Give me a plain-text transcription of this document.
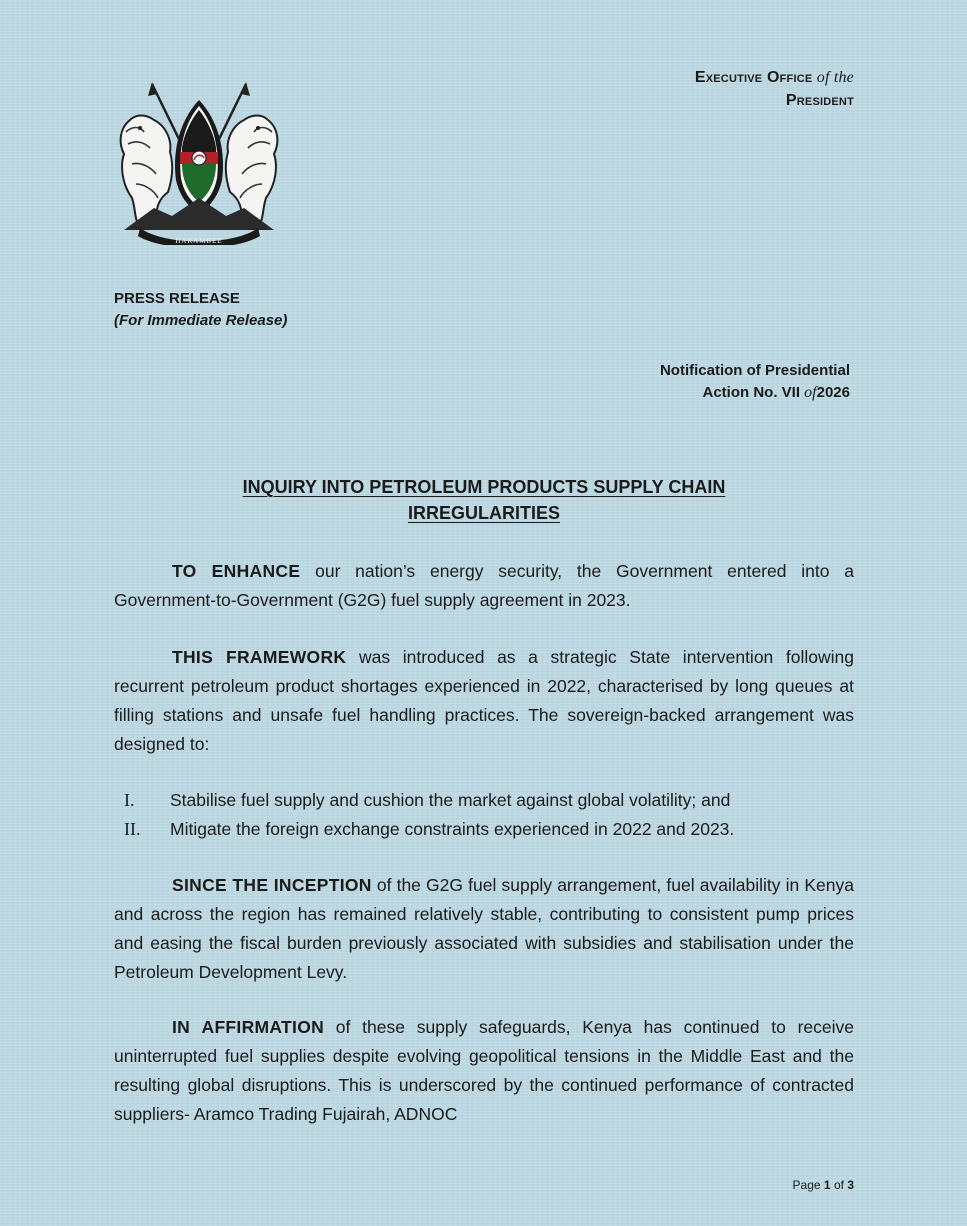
HARAMBEE
Executive Office of the
President
PRESS RELEASE
(For Immediate Release)
Notification of Presidential
Action No. VII of2026
INQUIRY INTO PETROLEUM PRODUCTS SUPPLY CHAIN
IRREGULARITIES
TO ENHANCE our nation’s energy security, the Government entered into a Government-to-Government (G2G) fuel supply agreement in 2023.
THIS FRAMEWORK was introduced as a strategic State intervention following recurrent petroleum product shortages experienced in 2022, characterised by long queues at filling stations and unsafe fuel handling practices. The sovereign-backed arrangement was designed to:
I. Stabilise fuel supply and cushion the market against global volatility; and
II. Mitigate the foreign exchange constraints experienced in 2022 and 2023.
SINCE THE INCEPTION of the G2G fuel supply arrangement, fuel availability in Kenya and across the region has remained relatively stable, contributing to consistent pump prices and easing the fiscal burden previously associated with subsidies and stabilisation under the Petroleum Development Levy.
IN AFFIRMATION of these supply safeguards, Kenya has continued to receive uninterrupted fuel supplies despite evolving geopolitical tensions in the Middle East and the resulting global disruptions. This is underscored by the continued performance of contracted suppliers- Aramco Trading Fujairah, ADNOC
Page 1 of 3
